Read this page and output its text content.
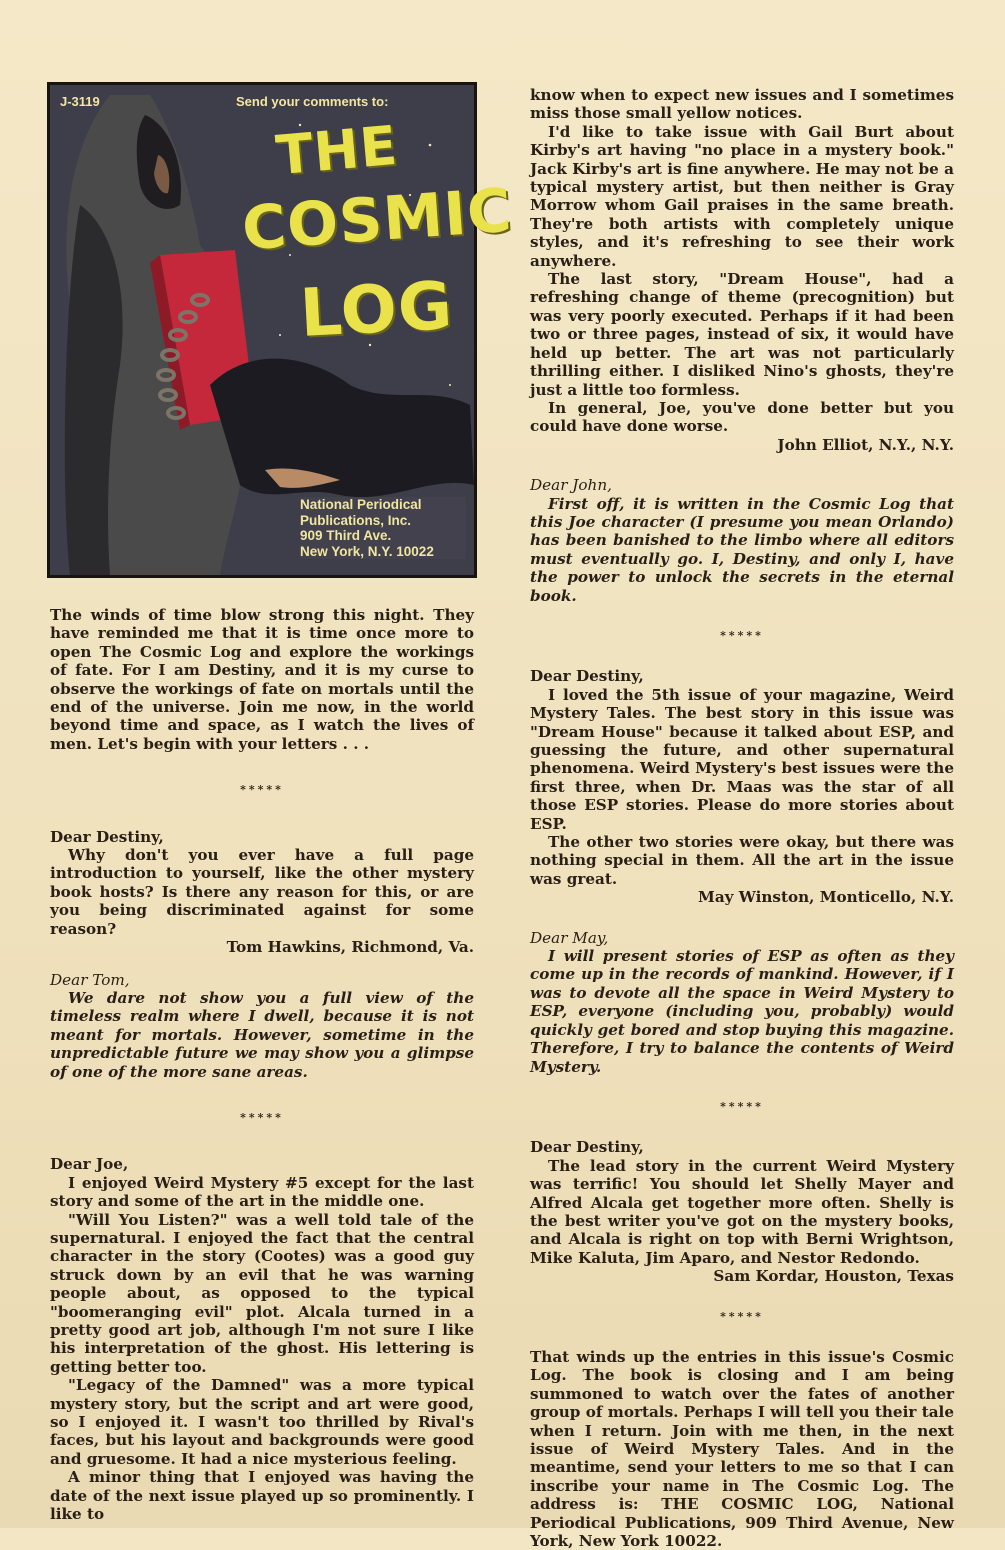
J-3119	Send your comments to:
THE
COSMIC
LOG
National Periodical
Publications, Inc.
909 Third Ave.
New York, N.Y. 10022

The winds of time blow strong this night. They have reminded me that it is time once more to open The Cosmic Log and explore the workings of fate. For I am Destiny, and it is my curse to observe the workings of fate on mortals until the end of the universe. Join me now, in the world beyond time and space, as I watch the lives of men. Let's begin with your letters . . .

*****

Dear Destiny,

Why don't you ever have a full page introduction to yourself, like the other mystery book hosts? Is there any reason for this, or are you being discriminated against for some reason?

Tom Hawkins, Richmond, Va.

Dear Tom,

We dare not show you a full view of the timeless realm where I dwell, because it is not meant for mortals. However, sometime in the unpredictable future we may show you a glimpse of one of the more sane areas.

*****

Dear Joe,

I enjoyed Weird Mystery #5 except for the last story and some of the art in the middle one.

"Will You Listen?" was a well told tale of the supernatural. I enjoyed the fact that the central character in the story (Cootes) was a good guy struck down by an evil that he was warning people about, as opposed to the typical "boomeranging evil" plot. Alcala turned in a pretty good art job, although I'm not sure I like his interpretation of the ghost. His lettering is getting better too.

"Legacy of the Damned" was a more typical mystery story, but the script and art were good, so I enjoyed it. I wasn't too thrilled by Rival's faces, but his layout and backgrounds were good and gruesome. It had a nice mysterious feeling.

A minor thing that I enjoyed was having the date of the next issue played up so prominently. I like to

know when to expect new issues and I sometimes miss those small yellow notices.

I'd like to take issue with Gail Burt about Kirby's art having "no place in a mystery book." Jack Kirby's art is fine anywhere. He may not be a typical mystery artist, but then neither is Gray Morrow whom Gail praises in the same breath. They're both artists with completely unique styles, and it's refreshing to see their work anywhere.

The last story, "Dream House", had a refreshing change of theme (precognition) but was very poorly executed. Perhaps if it had been two or three pages, instead of six, it would have held up better. The art was not particularly thrilling either. I disliked Nino's ghosts, they're just a little too formless.

In general, Joe, you've done better but you could have done worse.

John Elliot, N.Y., N.Y.

Dear John,

First off, it is written in the Cosmic Log that this Joe character (I presume you mean Orlando) has been banished to the limbo where all editors must eventually go. I, Destiny, and only I, have the power to unlock the secrets in the eternal book.

*****

Dear Destiny,

I loved the 5th issue of your magazine, Weird Mystery Tales. The best story in this issue was "Dream House" because it talked about ESP, and guessing the future, and other supernatural phenomena. Weird Mystery's best issues were the first three, when Dr. Maas was the star of all those ESP stories. Please do more stories about ESP.

The other two stories were okay, but there was nothing special in them. All the art in the issue was great.

May Winston, Monticello, N.Y.

Dear May,

I will present stories of ESP as often as they come up in the records of mankind. However, if I was to devote all the space in Weird Mystery to ESP, everyone (including you, probably) would quickly get bored and stop buying this magazine. Therefore, I try to balance the contents of Weird Mystery.

*****

Dear Destiny,

The lead story in the current Weird Mystery was terrific! You should let Shelly Mayer and Alfred Alcala get together more often. Shelly is the best writer you've got on the mystery books, and Alcala is right on top with Berni Wrightson, Mike Kaluta, Jim Aparo, and Nestor Redondo.

Sam Kordar, Houston, Texas

*****

That winds up the entries in this issue's Cosmic Log. The book is closing and I am being summoned to watch over the fates of another group of mortals. Perhaps I will tell you their tale when I return. Join with me then, in the next issue of Weird Mystery Tales. And in the meantime, send your letters to me so that I can inscribe your name in The Cosmic Log. The address is: THE COSMIC LOG, National Periodical Publications, 909 Third Avenue, New York, New York 10022.
